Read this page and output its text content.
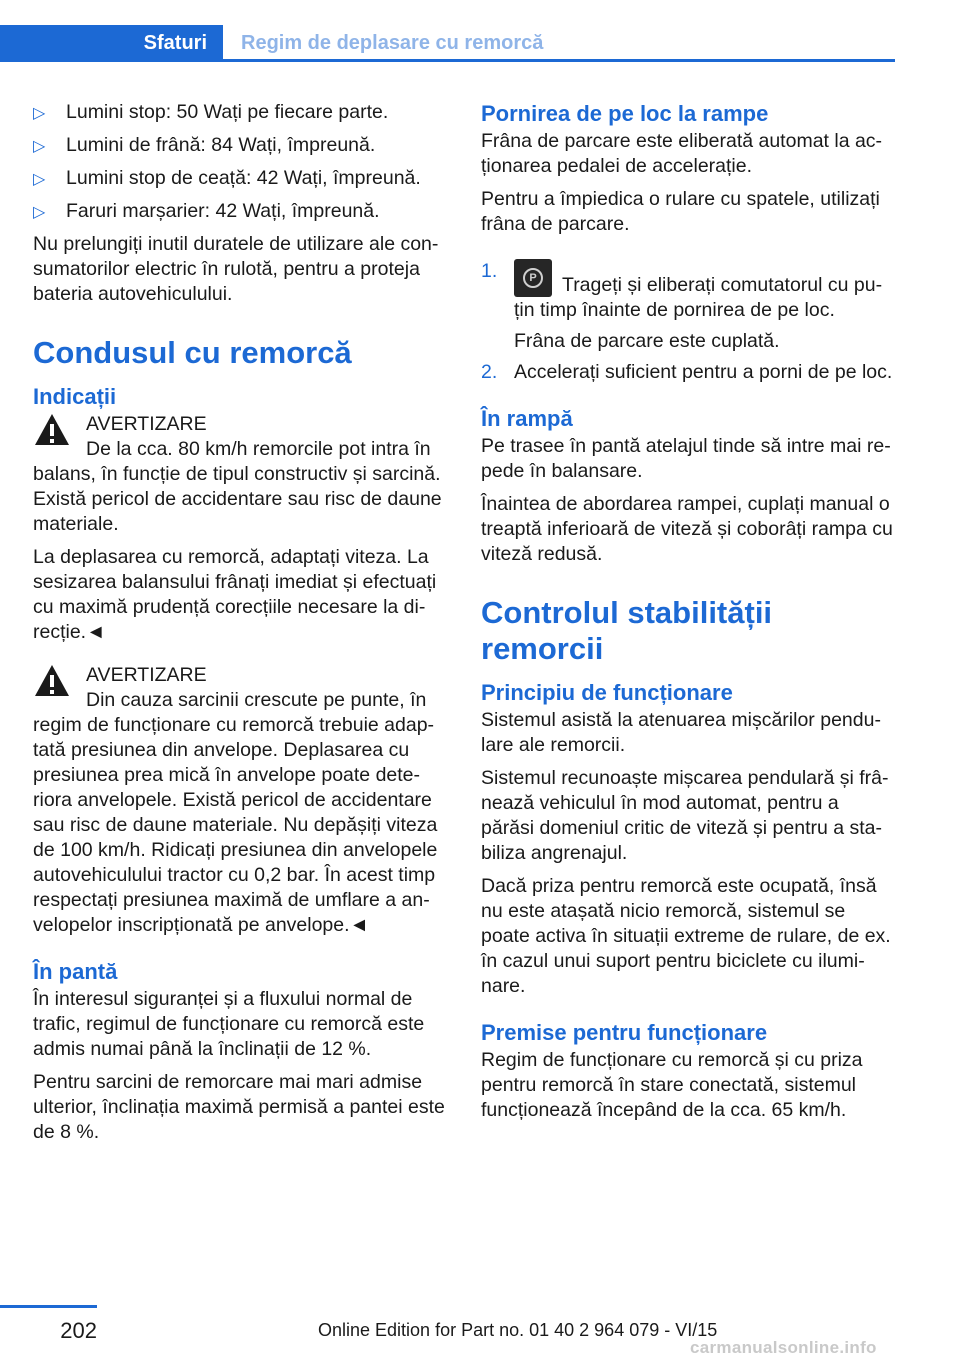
Sfaturi	Regim de deplasare cu remorcă
▷ Lumini stop: 50 Wați pe fiecare parte.
▷ Lumini de frână: 84 Wați, împreună.
▷ Lumini stop de ceață: 42 Wați, împreună.
▷ Faruri marșarier: 42 Wați, împreună.

Nu prelungiți inutil duratele de utilizare ale con‐sumatorilor electric în rulotă, pentru a proteja bateria autovehiculului.

Condusul cu remorcă
Indicații

AVERTIZARE

De la cca. 80 km/h remorcile pot intra în balans, în funcție de tipul constructiv și sarcină. Există pericol de accidentare sau risc de daune materiale.

La deplasarea cu remorcă, adaptați viteza. La sesizarea balansului frânați imediat și efectuați cu maximă prudență corecțiile necesare la di‐recție.◄

AVERTIZARE

Din cauza sarcinii crescute pe punte, în regim de funcționare cu remorcă trebuie adap‐tată presiunea din anvelope. Deplasarea cu presiunea prea mică în anvelope poate dete‐riora anvelopele. Există pericol de accidentare sau risc de daune materiale. Nu depășiți viteza de 100 km/h. Ridicați presiunea din anvelopele autovehiculului tractor cu 0,2 bar. În acest timp respectați presiunea maximă de umflare a an‐velopelor inscripționată pe anvelope.◄

În pantă

În interesul siguranței și a fluxului normal de trafic, regimul de funcționare cu remorcă este admis numai până la înclinații de 12 %.

Pentru sarcini de remorcare mai mari admise ulterior, înclinația maximă permisă a pantei este de 8 %.

Pornirea de pe loc la rampe

Frâna de parcare este eliberată automat la ac‐ționarea pedalei de accelerație.

Pentru a împiedica o rulare cu spatele, utilizați frâna de parcare.

1.	P	Trageți și eliberați comutatorul cu pu‐țin timp înainte de pornirea de pe loc.

Frâna de parcare este cuplată.

2. Accelerați suficient pentru a porni de pe loc.
În rampă

Pe trasee în pantă atelajul tinde să intre mai re‐pede în balansare.

Înaintea de abordarea rampei, cuplați manual o treaptă inferioară de viteză și coborâți rampa cu viteză redusă.

Controlul stabilității remorcii
Principiu de funcționare

Sistemul asistă la atenuarea mișcărilor pendu‐lare ale remorcii.

Sistemul recunoaște mișcarea pendulară și frâ‐nează vehiculul în mod automat, pentru a părăsi domeniul critic de viteză și pentru a sta‐biliza angrenajul.

Dacă priza pentru remorcă este ocupată, însă nu este atașată nicio remorcă, sistemul se poate activa în situații extreme de rulare, de ex. în cazul unui suport pentru biciclete cu ilumi‐nare.

Premise pentru funcționare

Regim de funcționare cu remorcă și cu priza pentru remorcă în stare conectată, sistemul funcționează începând de la cca. 65 km/h.

202	Online Edition for Part no. 01 40 2 964 079 - VI/15
carmanualsonline.info
